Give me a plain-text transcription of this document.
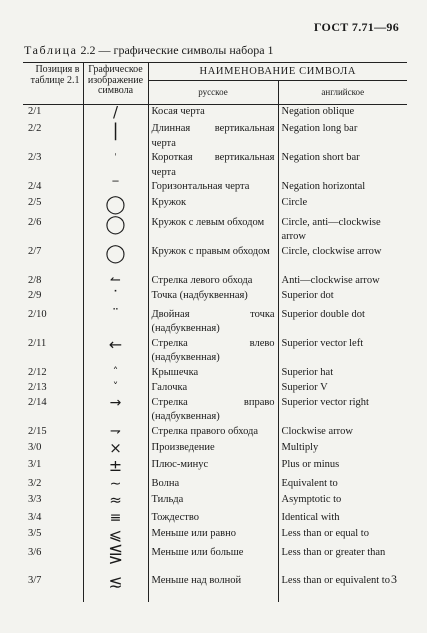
ГОСТ 7.71—96
Таблица 2.2 — графические символы набора 1
Позиция в таблице 2.1	Графическое изображение символа	НАИМЕНОВАНИЕ СИМВОЛА	
		русское	английское
2/1	/	Косая черта	Negation oblique
2/2	|	Длинная вертикальная черта	Negation long bar
2/3	ˈ	Короткая вертикальная черта	Negation short bar
2/4	‾	Горизонтальная черта	Negation horizontal
2/5	◯	Кружок	Circle
2/6	◯	Кружок с левым обходом	Circle, anti—clockwise arrow
2/7	◯	Кружок с правым обходом	Circle, clockwise arrow
2/8	↼	Стрелка левого обхода	Anti—clockwise arrow
2/9	˙	Точка (надбуквенная)	Superior dot
2/10	¨	Двойная точка (надбуквенная)	Superior double dot
2/11	←	Стрелка влево (надбуквенная)	Superior vector left
2/12	˄	Крышечка	Superior hat
2/13	˅	Галочка	Superior V
2/14	→	Стрелка вправо (надбуквенная)	Superior vector right
2/15	⇁	Стрелка правого обхода	Clockwise arrow
3/0	×	Произведение	Multiply
3/1	±	Плюс-минус	Plus or minus
3/2	∼	Волна	Equivalent to
3/3	≈	Тильда	Asymptotic to
3/4	≡	Тождество	Identical with
3/5	⩽	Меньше или равно	Less than or equal to
3/6	⋚	Меньше или больше	Less than or greater than
3/7	≲	Меньше над волной	Less than or equivalent to 3
